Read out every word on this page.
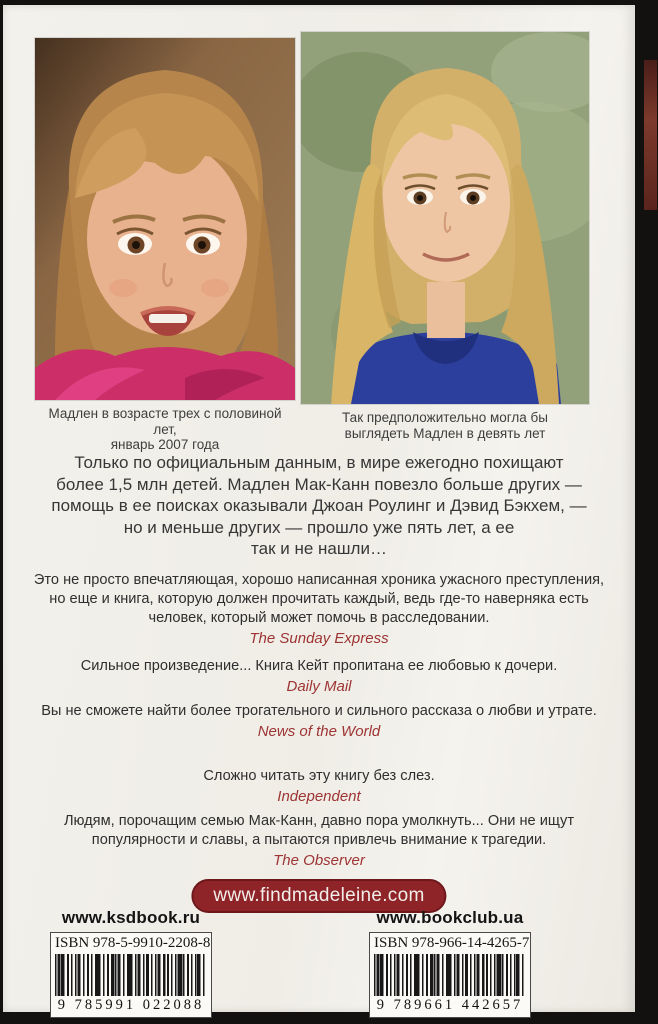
Мадлен в возрасте трех с половиной лет,
январь 2007 года
Так предположительно могла бы
выглядеть Мадлен в девять лет
Только по официальным данным, в мире ежегодно похищают
более 1,5 млн детей. Мадлен Мак-Канн повезло больше других —
помощь в ее поисках оказывали Джоан Роулинг и Дэвид Бэкхем, —
но и меньше других — прошло уже пять лет, а ее
так и не нашли…
Это не просто впечатляющая, хорошо написанная хроника ужасного преступления, но еще и книга, которую должен прочитать каждый, ведь где-то наверняка есть человек, который может помочь в расследовании.
The Sunday Express
Сильное произведение... Книга Кейт пропитана ее любовью к дочери.
Daily Mail
Вы не сможете найти более трогательного и сильного рассказа о любви и утрате.
News of the World
Сложно читать эту книгу без слез.
Independent
Людям, порочащим семью Мак-Канн, давно пора умолкнуть... Они не ищут популярности и славы, а пытаются привлечь внимание к трагедии.
The Observer
www.findmadeleine.com
www.ksdbook.ru
ISBN 978-5-9910-2208-8
9 785991 022088
www.bookclub.ua
ISBN 978-966-14-4265-7
9 789661 442657
